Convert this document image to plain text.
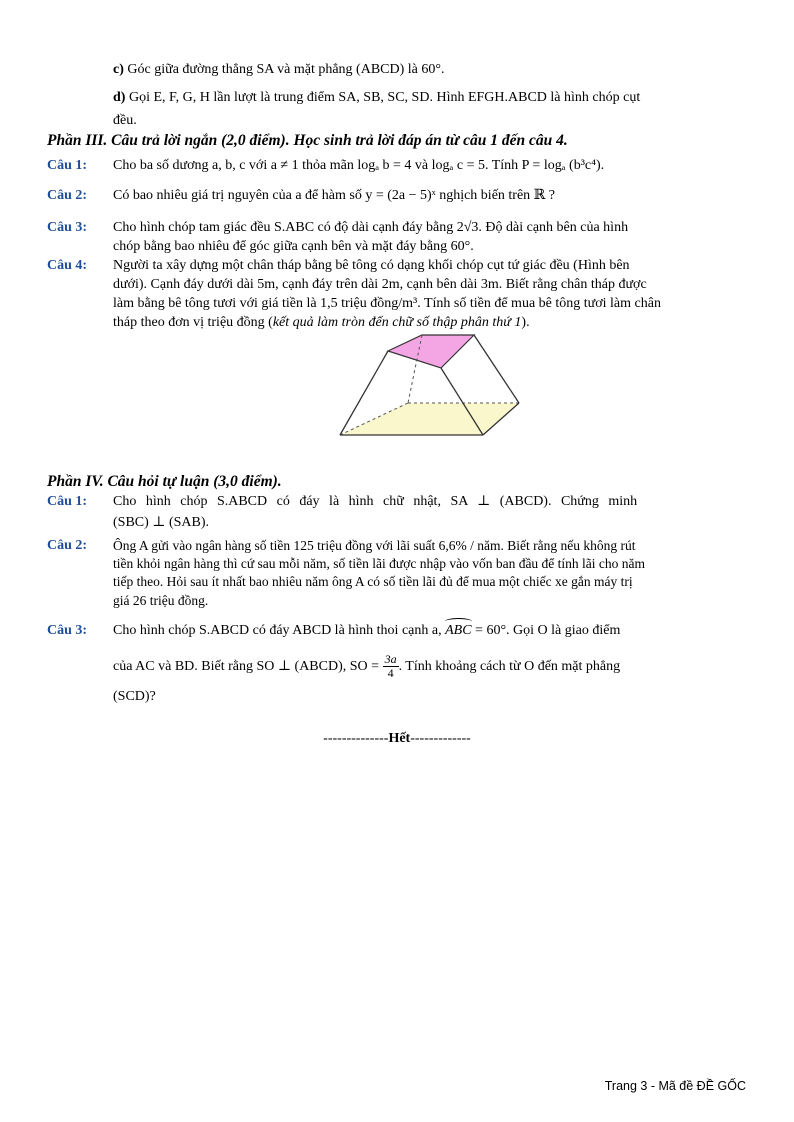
c) Góc giữa đường thẳng SA và mặt phẳng (ABCD) là 60°.
d) Gọi E, F, G, H lần lượt là trung điểm SA, SB, SC, SD. Hình EFGH.ABCD là hình chóp cụt
đều.
Phần III. Câu trả lời ngắn (2,0 điểm). Học sinh trả lời đáp án từ câu 1 đến câu 4.
Câu 1: Cho ba số dương a, b, c với a ≠ 1 thỏa mãn logₐ b = 4 và logₐ c = 5. Tính P = logₐ (b³c⁴).
Câu 2: Có bao nhiêu giá trị nguyên của a để hàm số y = (2a − 5)ˣ nghịch biến trên ℝ ?
Câu 3: Cho hình chóp tam giác đều S.ABC có độ dài cạnh đáy bằng 2√3. Độ dài cạnh bên của hình
chóp bằng bao nhiêu để góc giữa cạnh bên và mặt đáy bằng 60°.
Câu 4: Người ta xây dựng một chân tháp bằng bê tông có dạng khối chóp cụt tứ giác đều (Hình bên
dưới). Cạnh đáy dưới dài 5m, cạnh đáy trên dài 2m, cạnh bên dài 3m. Biết rằng chân tháp được
làm bằng bê tông tươi với giá tiền là 1,5 triệu đồng/m³. Tính số tiền để mua bê tông tươi làm chân
tháp theo đơn vị triệu đồng (kết quả làm tròn đến chữ số thập phân thứ 1).
Phần IV. Câu hỏi tự luận (3,0 điểm).
Câu 1: Cho hình chóp S.ABCD có đáy là hình chữ nhật, SA ⊥ (ABCD). Chứng minh
(SBC) ⊥ (SAB).
Câu 2: Ông A gửi vào ngân hàng số tiền 125 triệu đồng với lãi suất 6,6% / năm. Biết rằng nếu không rút
tiền khỏi ngân hàng thì cứ sau mỗi năm, số tiền lãi được nhập vào vốn ban đầu để tính lãi cho năm
tiếp theo. Hỏi sau ít nhất bao nhiêu năm ông A có số tiền lãi đủ để mua một chiếc xe gắn máy trị
giá 26 triệu đồng.
Câu 3: Cho hình chóp S.ABCD có đáy ABCD là hình thoi cạnh a, ABC = 60°. Gọi O là giao điểm
của AC và BD. Biết rằng SO ⊥ (ABCD), SO = $\frac{3a}{4}$ . Tính khoảng cách từ O đến mặt phẳng
(SCD)?
--------------Hết-------------
Trang 3 - Mã đề ĐỀ GỐC
